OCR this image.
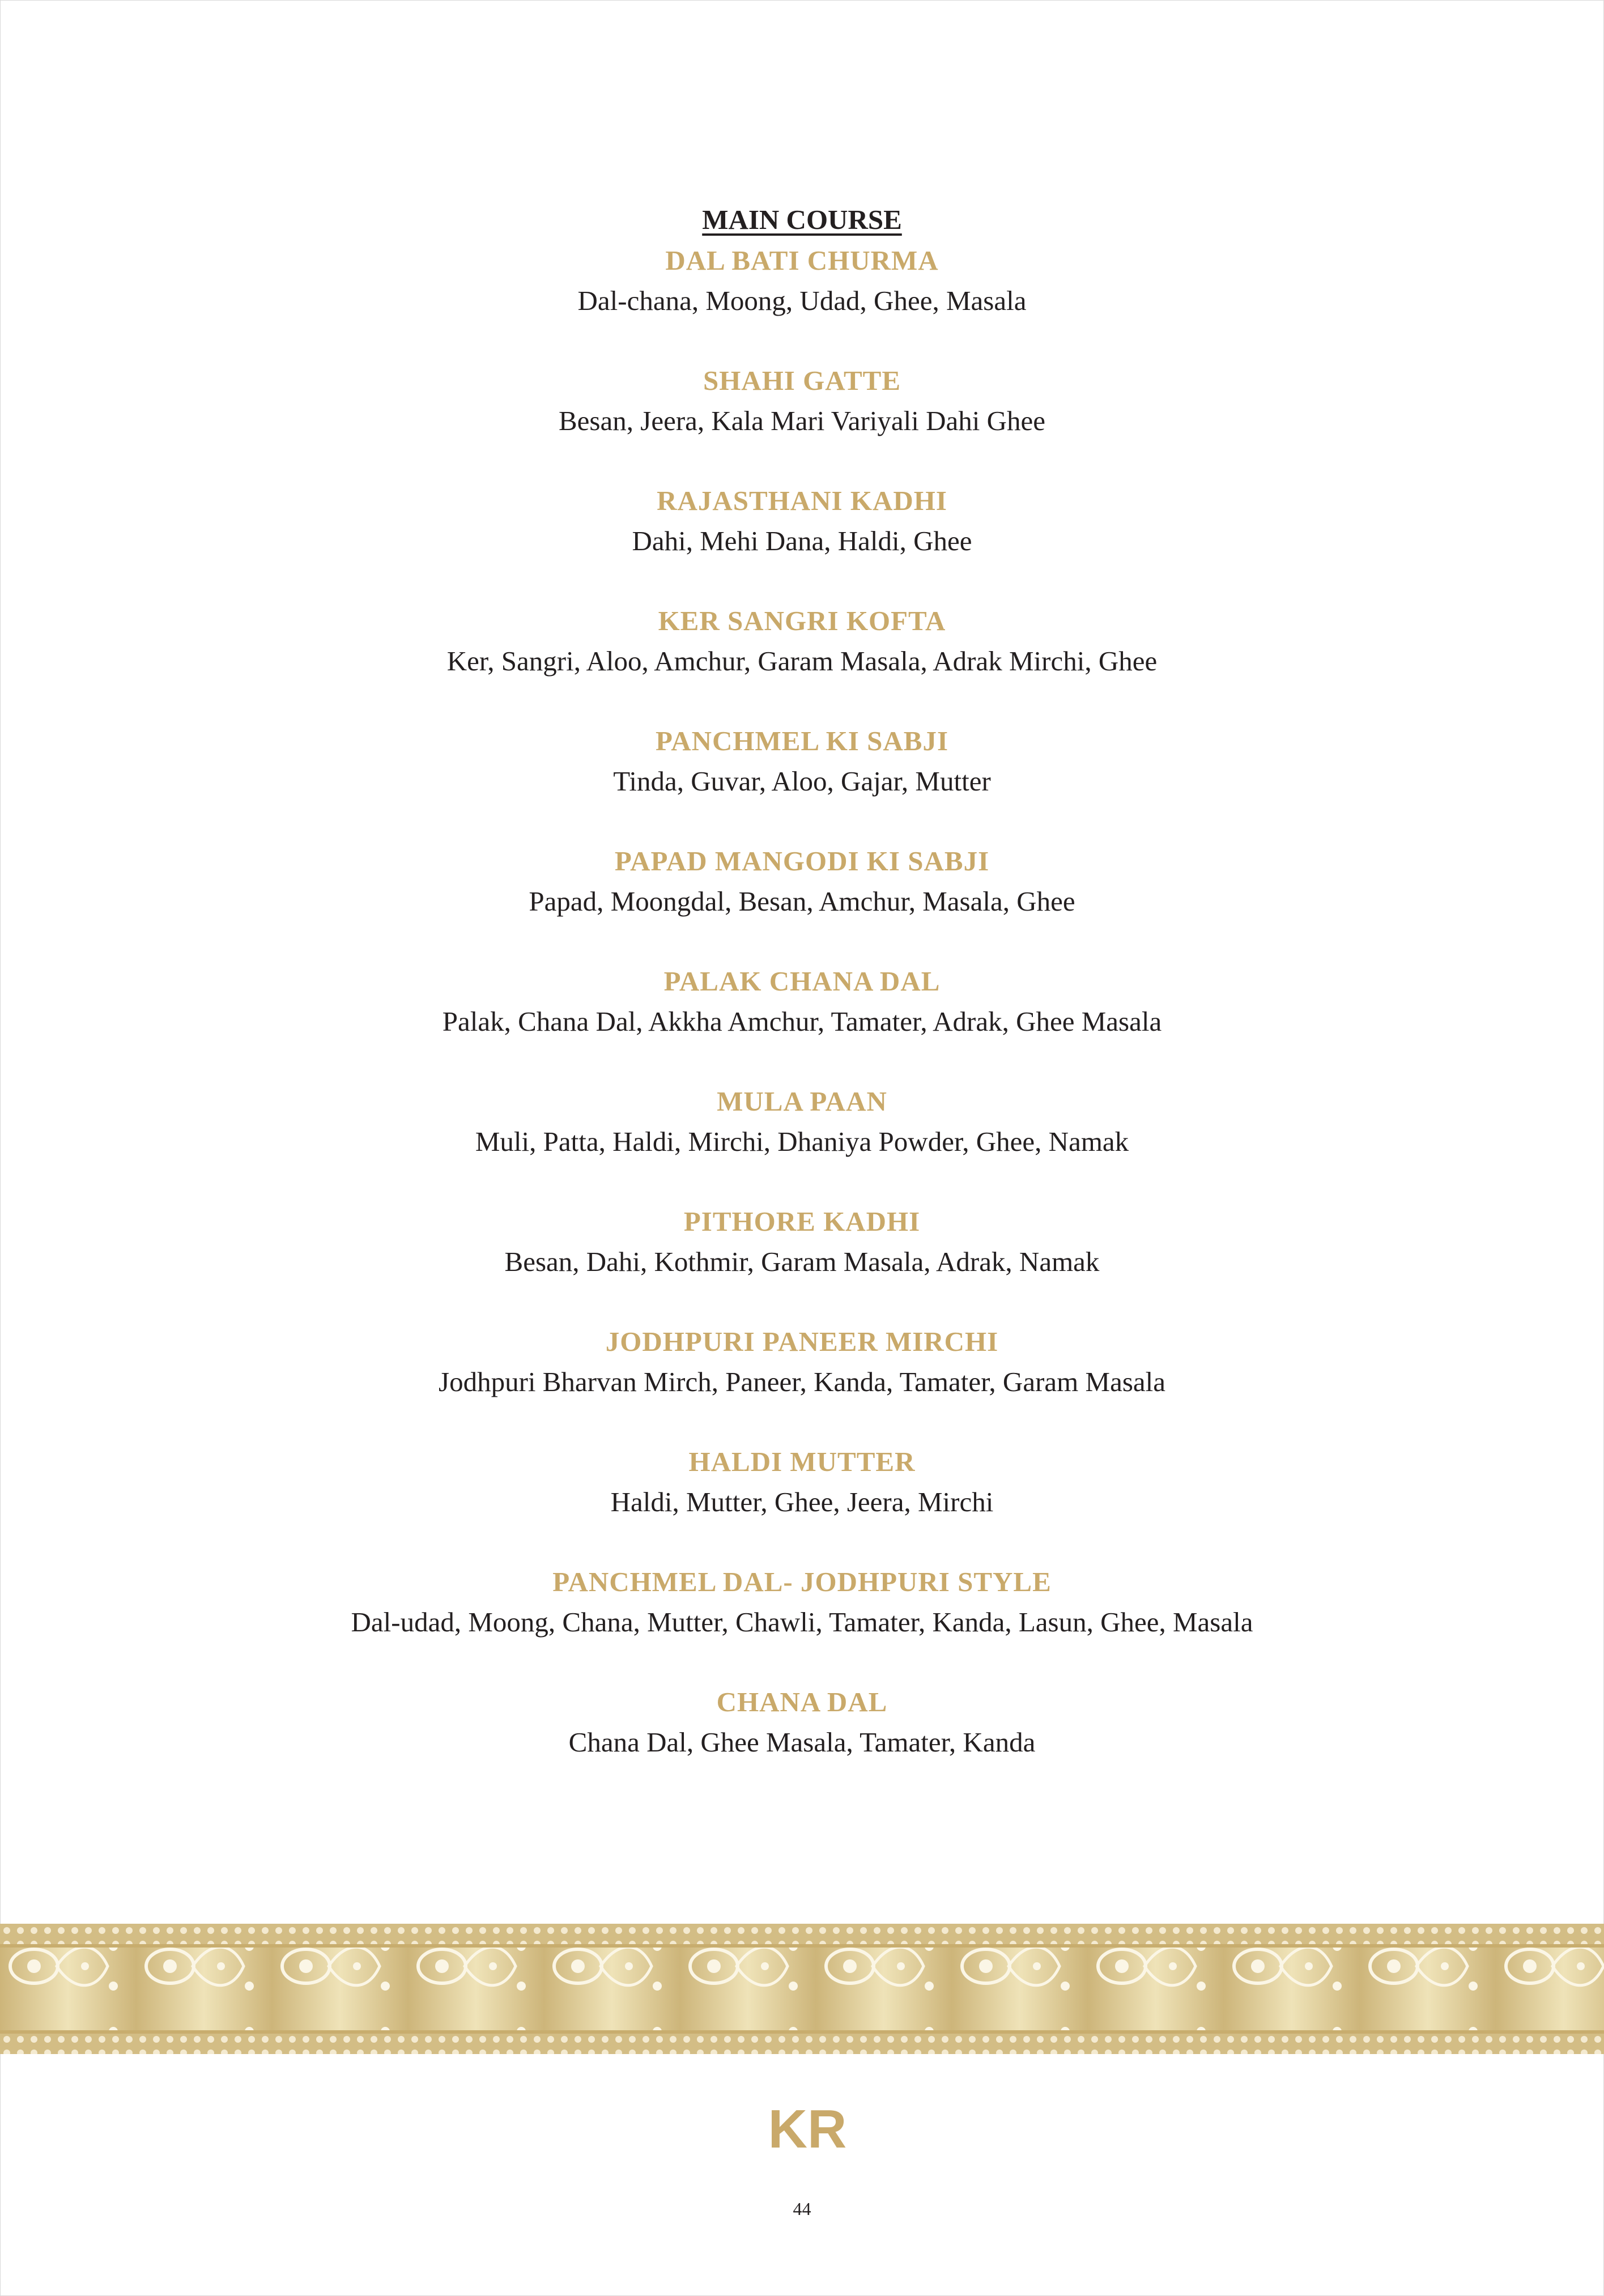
MAIN COURSE
DAL BATI CHURMA
Dal-chana, Moong, Udad, Ghee, Masala
SHAHI GATTE
Besan, Jeera, Kala Mari Variyali Dahi Ghee
RAJASTHANI KADHI
Dahi, Mehi Dana, Haldi, Ghee
KER SANGRI KOFTA
Ker, Sangri, Aloo, Amchur, Garam Masala, Adrak Mirchi, Ghee
PANCHMEL KI SABJI
Tinda, Guvar, Aloo, Gajar, Mutter
PAPAD MANGODI KI SABJI
Papad, Moongdal, Besan, Amchur, Masala, Ghee
PALAK CHANA DAL
Palak, Chana Dal, Akkha Amchur, Tamater, Adrak, Ghee Masala
MULA PAAN
Muli, Patta, Haldi, Mirchi, Dhaniya Powder, Ghee, Namak
PITHORE KADHI
Besan, Dahi, Kothmir, Garam Masala, Adrak, Namak
JODHPURI PANEER MIRCHI
Jodhpuri Bharvan Mirch, Paneer, Kanda, Tamater, Garam Masala
HALDI MUTTER
Haldi, Mutter, Ghee, Jeera, Mirchi
PANCHMEL DAL- JODHPURI STYLE
Dal-udad, Moong, Chana, Mutter, Chawli, Tamater, Kanda, Lasun, Ghee, Masala
CHANA DAL
Chana Dal, Ghee Masala, Tamater, Kanda
KR
44
